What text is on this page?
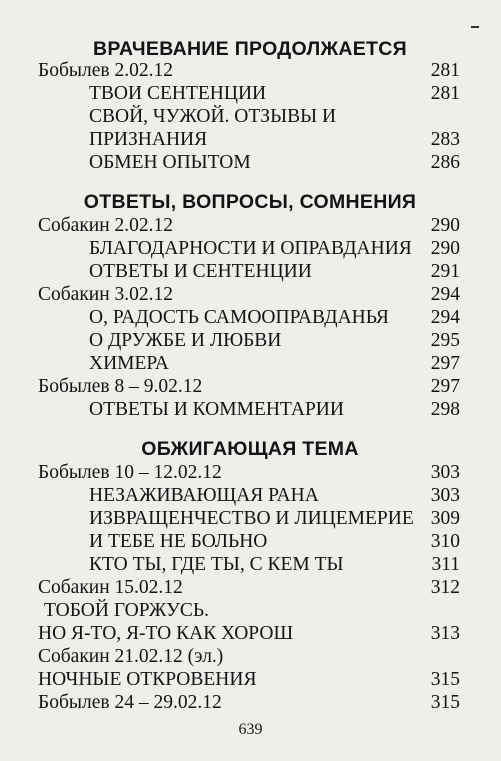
ВРАЧЕВАНИЕ ПРОДОЛЖАЕТСЯ
Бобылев 2.02.12	281
ТВОИ СЕНТЕНЦИИ	281
СВОЙ, ЧУЖОЙ. ОТЗЫВЫ И
ПРИЗНАНИЯ	283
ОБМЕН ОПЫТОМ	286
ОТВЕТЫ, ВОПРОСЫ, СОМНЕНИЯ
Собакин 2.02.12	290
БЛАГОДАРНОСТИ И ОПРАВДАНИЯ 290
ОТВЕТЫ И СЕНТЕНЦИИ	291
Собакин 3.02.12	294
О, РАДОСТЬ САМООПРАВДАНЬЯ 294
О ДРУЖБЕ И ЛЮБВИ	295
ХИМЕРА	297
Бобылев 8 – 9.02.12	297
ОТВЕТЫ И КОММЕНТАРИИ	298
ОБЖИГАЮЩАЯ ТЕМА
Бобылев 10 – 12.02.12	303
НЕЗАЖИВАЮЩАЯ РАНА	303
ИЗВРАЩЕНЧЕСТВО И ЛИЦЕМЕРИЕ 309
И ТЕБЕ НЕ БОЛЬНО	310
КТО ТЫ, ГДЕ ТЫ, С КЕМ ТЫ	311
Собакин 15.02.12	312
ТОБОЙ ГОРЖУСЬ.
НО Я-ТО, Я-ТО КАК ХОРОШ	313
Собакин 21.02.12 (эл.)
НОЧНЫЕ ОТКРОВЕНИЯ	315
Бобылев 24 – 29.02.12	315
639
